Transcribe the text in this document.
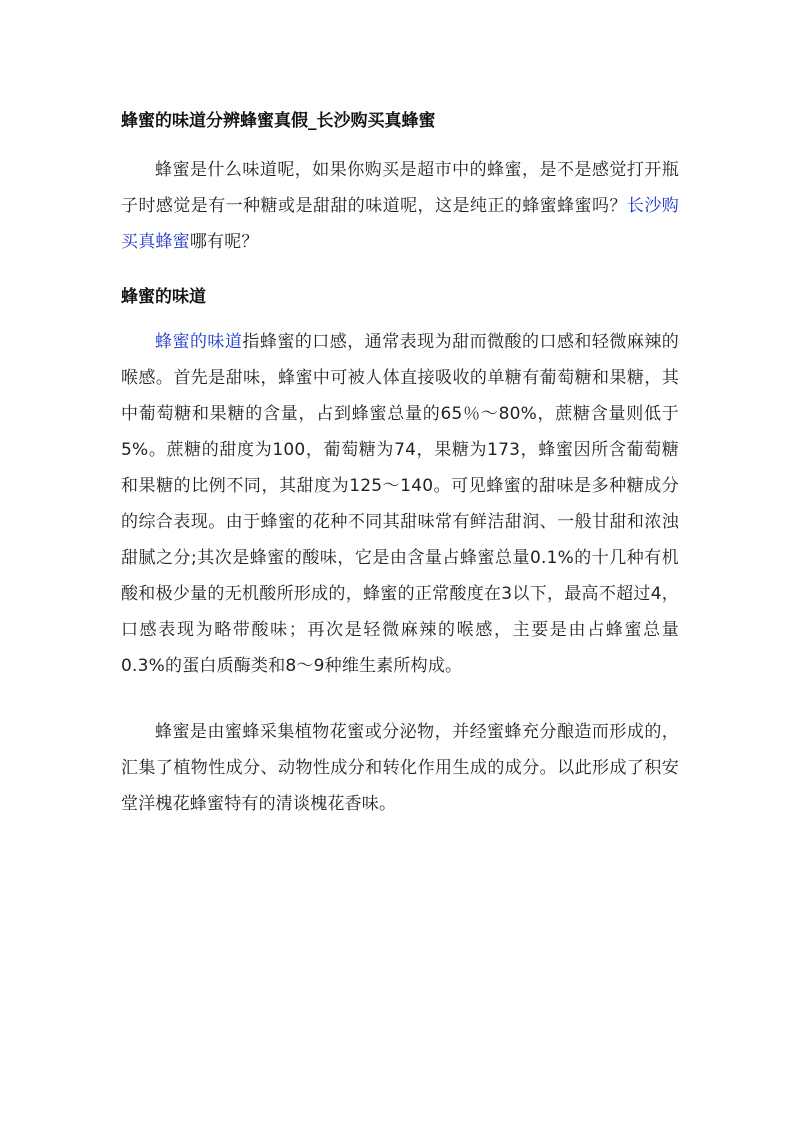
蜂蜜的味道分辨蜂蜜真假_长沙购买真蜂蜜

蜂蜜是什么味道呢，如果你购买是超市中的蜂蜜，是不是感觉打开瓶子时感觉是有一种糖或是甜甜的味道呢，这是纯正的蜂蜜蜂蜜吗？长沙购买真蜂蜜哪有呢？

蜂蜜的味道

蜂蜜的味道指蜂蜜的口感，通常表现为甜而微酸的口感和轻微麻辣的喉感。首先是甜味，蜂蜜中可被人体直接吸收的单糖有葡萄糖和果糖，其中葡萄糖和果糖的含量，占到蜂蜜总量的65％～80%，蔗糖含量则低于5%。蔗糖的甜度为100，葡萄糖为74，果糖为173，蜂蜜因所含葡萄糖和果糖的比例不同，其甜度为125～140。可见蜂蜜的甜味是多种糖成分的综合表现。由于蜂蜜的花种不同其甜味常有鲜洁甜润、一般甘甜和浓浊甜腻之分;其次是蜂蜜的酸味，它是由含量占蜂蜜总量0.1%的十几种有机酸和极少量的无机酸所形成的，蜂蜜的正常酸度在3以下，最高不超过4，口感表现为略带酸味；再次是轻微麻辣的喉感，主要是由占蜂蜜总量0.3%的蛋白质酶类和8～9种维生素所构成。

蜂蜜是由蜜蜂采集植物花蜜或分泌物，并经蜜蜂充分酿造而形成的，汇集了植物性成分、动物性成分和转化作用生成的成分。以此形成了积安堂洋槐花蜂蜜特有的清谈槐花香味。
